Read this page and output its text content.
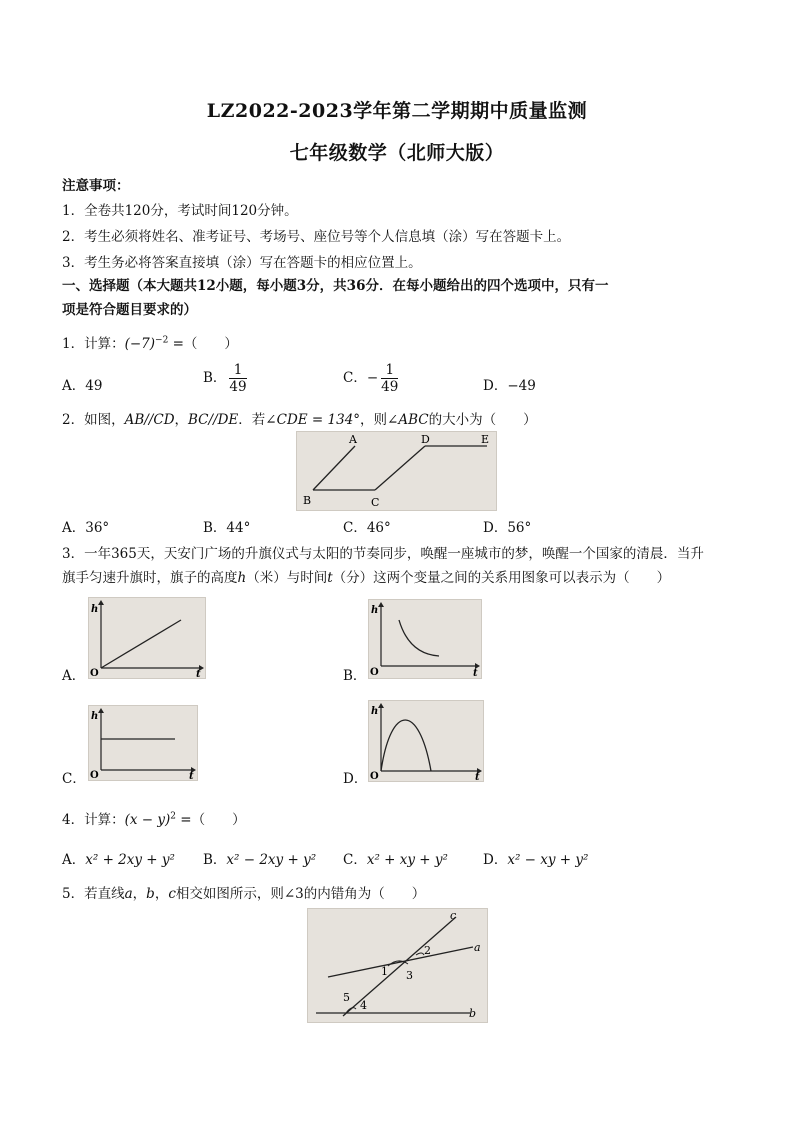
LZ2022-2023学年第二学期期中质量监测
七年级数学（北师大版）
注意事项：
1．全卷共120分，考试时间120分钟。
2．考生必须将姓名、准考证号、考场号、座位号等个人信息填（涂）写在答题卡上。
3．考生务必将答案直接填（涂）写在答题卡的相应位置上。
一、选择题（本大题共12小题，每小题3分，共36分．在每小题给出的四个选项中，只有一
项是符合题目要求的）
1．计算：$(-7)^{-2}$ =（　　）
A．49	B． $\frac{1}{49}$	C．− $\frac{1}{49}$	D．−49
2．如图，AB//CD，BC//DE．若∠CDE = 134°，则∠ABC的大小为（　　）
A
B	C
D	E
A．36°	B．44°	C．46°	D．56°
3．一年365天，天安门广场的升旗仪式与太阳的节奏同步，唤醒一座城市的梦，唤醒一个国家的清晨．当升
旗手匀速升旗时，旗子的高度h（米）与时间t（分）这两个变量之间的关系用图象可以表示为（　　）
A．
h
t
O	B．
h
t
O
C．
h
t
O	D．
h
t
O
4．计算：$(x - y)^2$ =（　　）
A．x² + 2xy + y² B．x² − 2xy + y² C．x² + xy + y²	D．x² − xy + y²
5．若直线a，b，c相交如图所示，则∠3的内错角为（　　）
c
a
b
1
2
3
4
5
